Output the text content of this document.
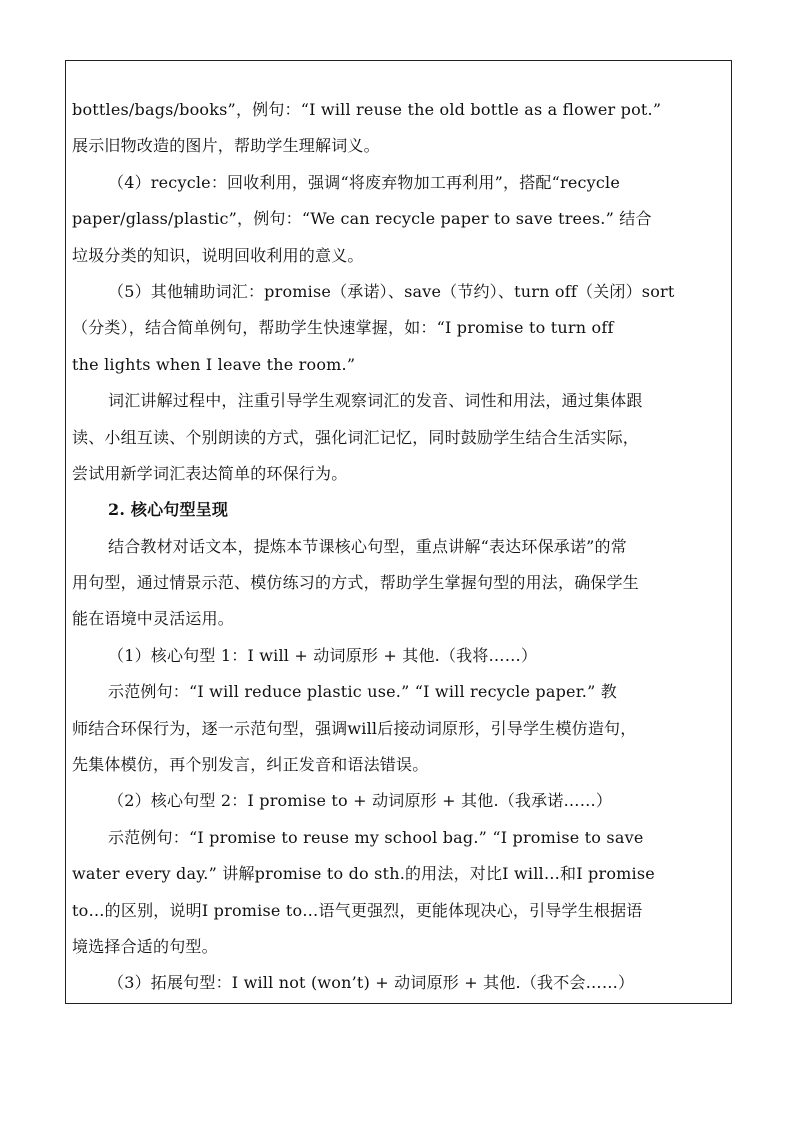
bottles/bags/books”，例句：“I will reuse the old bottle as a flower pot.”
展示旧物改造的图片，帮助学生理解词义。
（4）recycle：回收利用，强调“将废弃物加工再利用”，搭配“recycle
paper/glass/plastic”，例句：“We can recycle paper to save trees.” 结合
垃圾分类的知识，说明回收利用的意义。
（5）其他辅助词汇：promise（承诺）、save（节约）、turn off（关闭）sort
（分类），结合简单例句，帮助学生快速掌握，如：“I promise to turn off
the lights when I leave the room.”
词汇讲解过程中，注重引导学生观察词汇的发音、词性和用法，通过集体跟
读、小组互读、个别朗读的方式，强化词汇记忆，同时鼓励学生结合生活实际，
尝试用新学词汇表达简单的环保行为。
2. 核心句型呈现
结合教材对话文本，提炼本节课核心句型，重点讲解“表达环保承诺”的常
用句型，通过情景示范、模仿练习的方式，帮助学生掌握句型的用法，确保学生
能在语境中灵活运用。
（1）核心句型 1：I will + 动词原形 + 其他.（我将……）
示范例句：“I will reduce plastic use.” “I will recycle paper.” 教
师结合环保行为，逐一示范句型，强调will后接动词原形，引导学生模仿造句，
先集体模仿，再个别发言，纠正发音和语法错误。
（2）核心句型 2：I promise to + 动词原形 + 其他.（我承诺……）
示范例句：“I promise to reuse my school bag.” “I promise to save
water every day.” 讲解promise to do sth.的用法，对比I will…和I promise
to…的区别，说明I promise to…语气更强烈，更能体现决心，引导学生根据语
境选择合适的句型。
（3）拓展句型：I will not (won’t) + 动词原形 + 其他.（我不会……）
